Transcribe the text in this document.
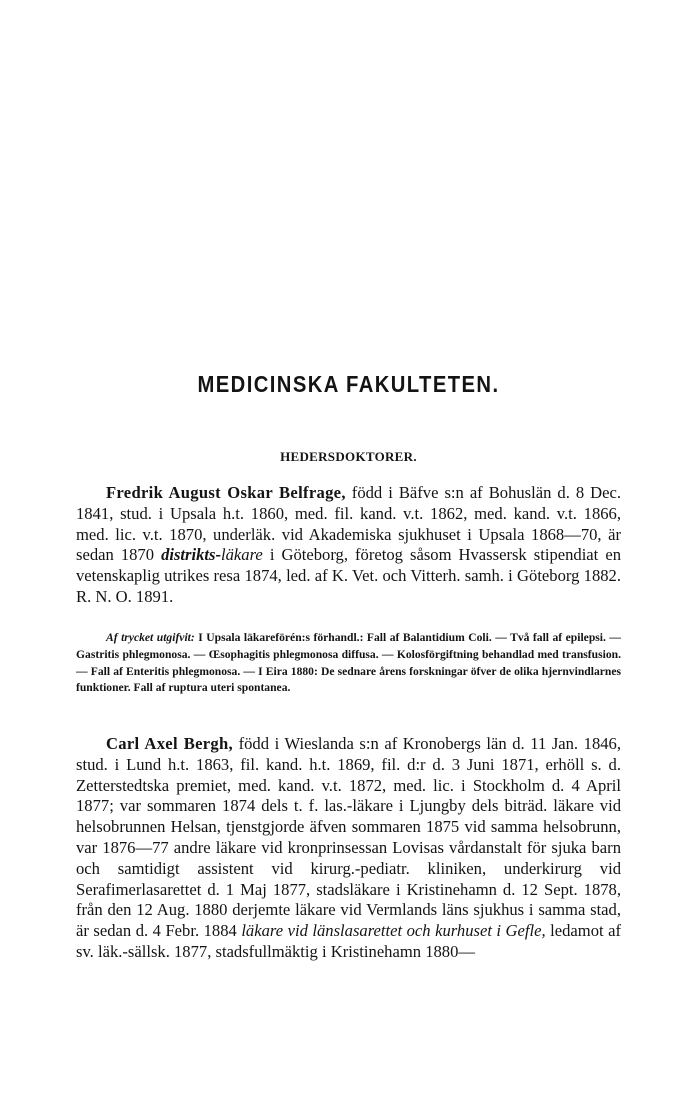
MEDICINSKA FAKULTETEN.
HEDERSDOKTORER.

Fredrik August Oskar Belfrage, född i Bäfve s:n af Bohuslän d. 8 Dec. 1841, stud. i Upsala h.t. 1860, med. fil. kand. v.t. 1862, med. kand. v.t. 1866, med. lic. v.t. 1870, underläk. vid Akademiska sjukhuset i Upsala 1868—70, är sedan 1870 distrikts-läkare i Göteborg, företog såsom Hvassersk stipendiat en vetenskaplig utrikes resa 1874, led. af K. Vet. och Vitterh. samh. i Göteborg 1882. R. N. O. 1891.

Af trycket utgifvit: I Upsala läkareförén:s förhandl.: Fall af Balantidium Coli. — Två fall af epilepsi. — Gastritis phlegmonosa. — Œsophagitis phlegmonosa diffusa. — Kolosförgiftning behandlad med transfusion. — Fall af Enteritis phlegmonosa. — I Eira 1880: De sednare årens forskningar öfver de olika hjernvindlarnes funktioner. Fall af ruptura uteri spontanea.

Carl Axel Bergh, född i Wieslanda s:n af Kronobergs län d. 11 Jan. 1846, stud. i Lund h.t. 1863, fil. kand. h.t. 1869, fil. d:r d. 3 Juni 1871, erhöll s. d. Zetterstedtska premiet, med. kand. v.t. 1872, med. lic. i Stockholm d. 4 April 1877; var sommaren 1874 dels t. f. las.-läkare i Ljungby dels biträd. läkare vid helsobrunnen Helsan, tjenstgjorde äfven sommaren 1875 vid samma helsobrunn, var 1876—77 andre läkare vid kronprinsessan Lovisas vårdanstalt för sjuka barn och samtidigt assistent vid kirurg.-pediatr. kliniken, underkirurg vid Serafimerlasarettet d. 1 Maj 1877, stadsläkare i Kristinehamn d. 12 Sept. 1878, från den 12 Aug. 1880 derjemte läkare vid Vermlands läns sjukhus i samma stad, är sedan d. 4 Febr. 1884 läkare vid länslasarettet och kurhuset i Gefle, ledamot af sv. läk.-sällsk. 1877, stadsfullmäktig i Kristinehamn 1880—
